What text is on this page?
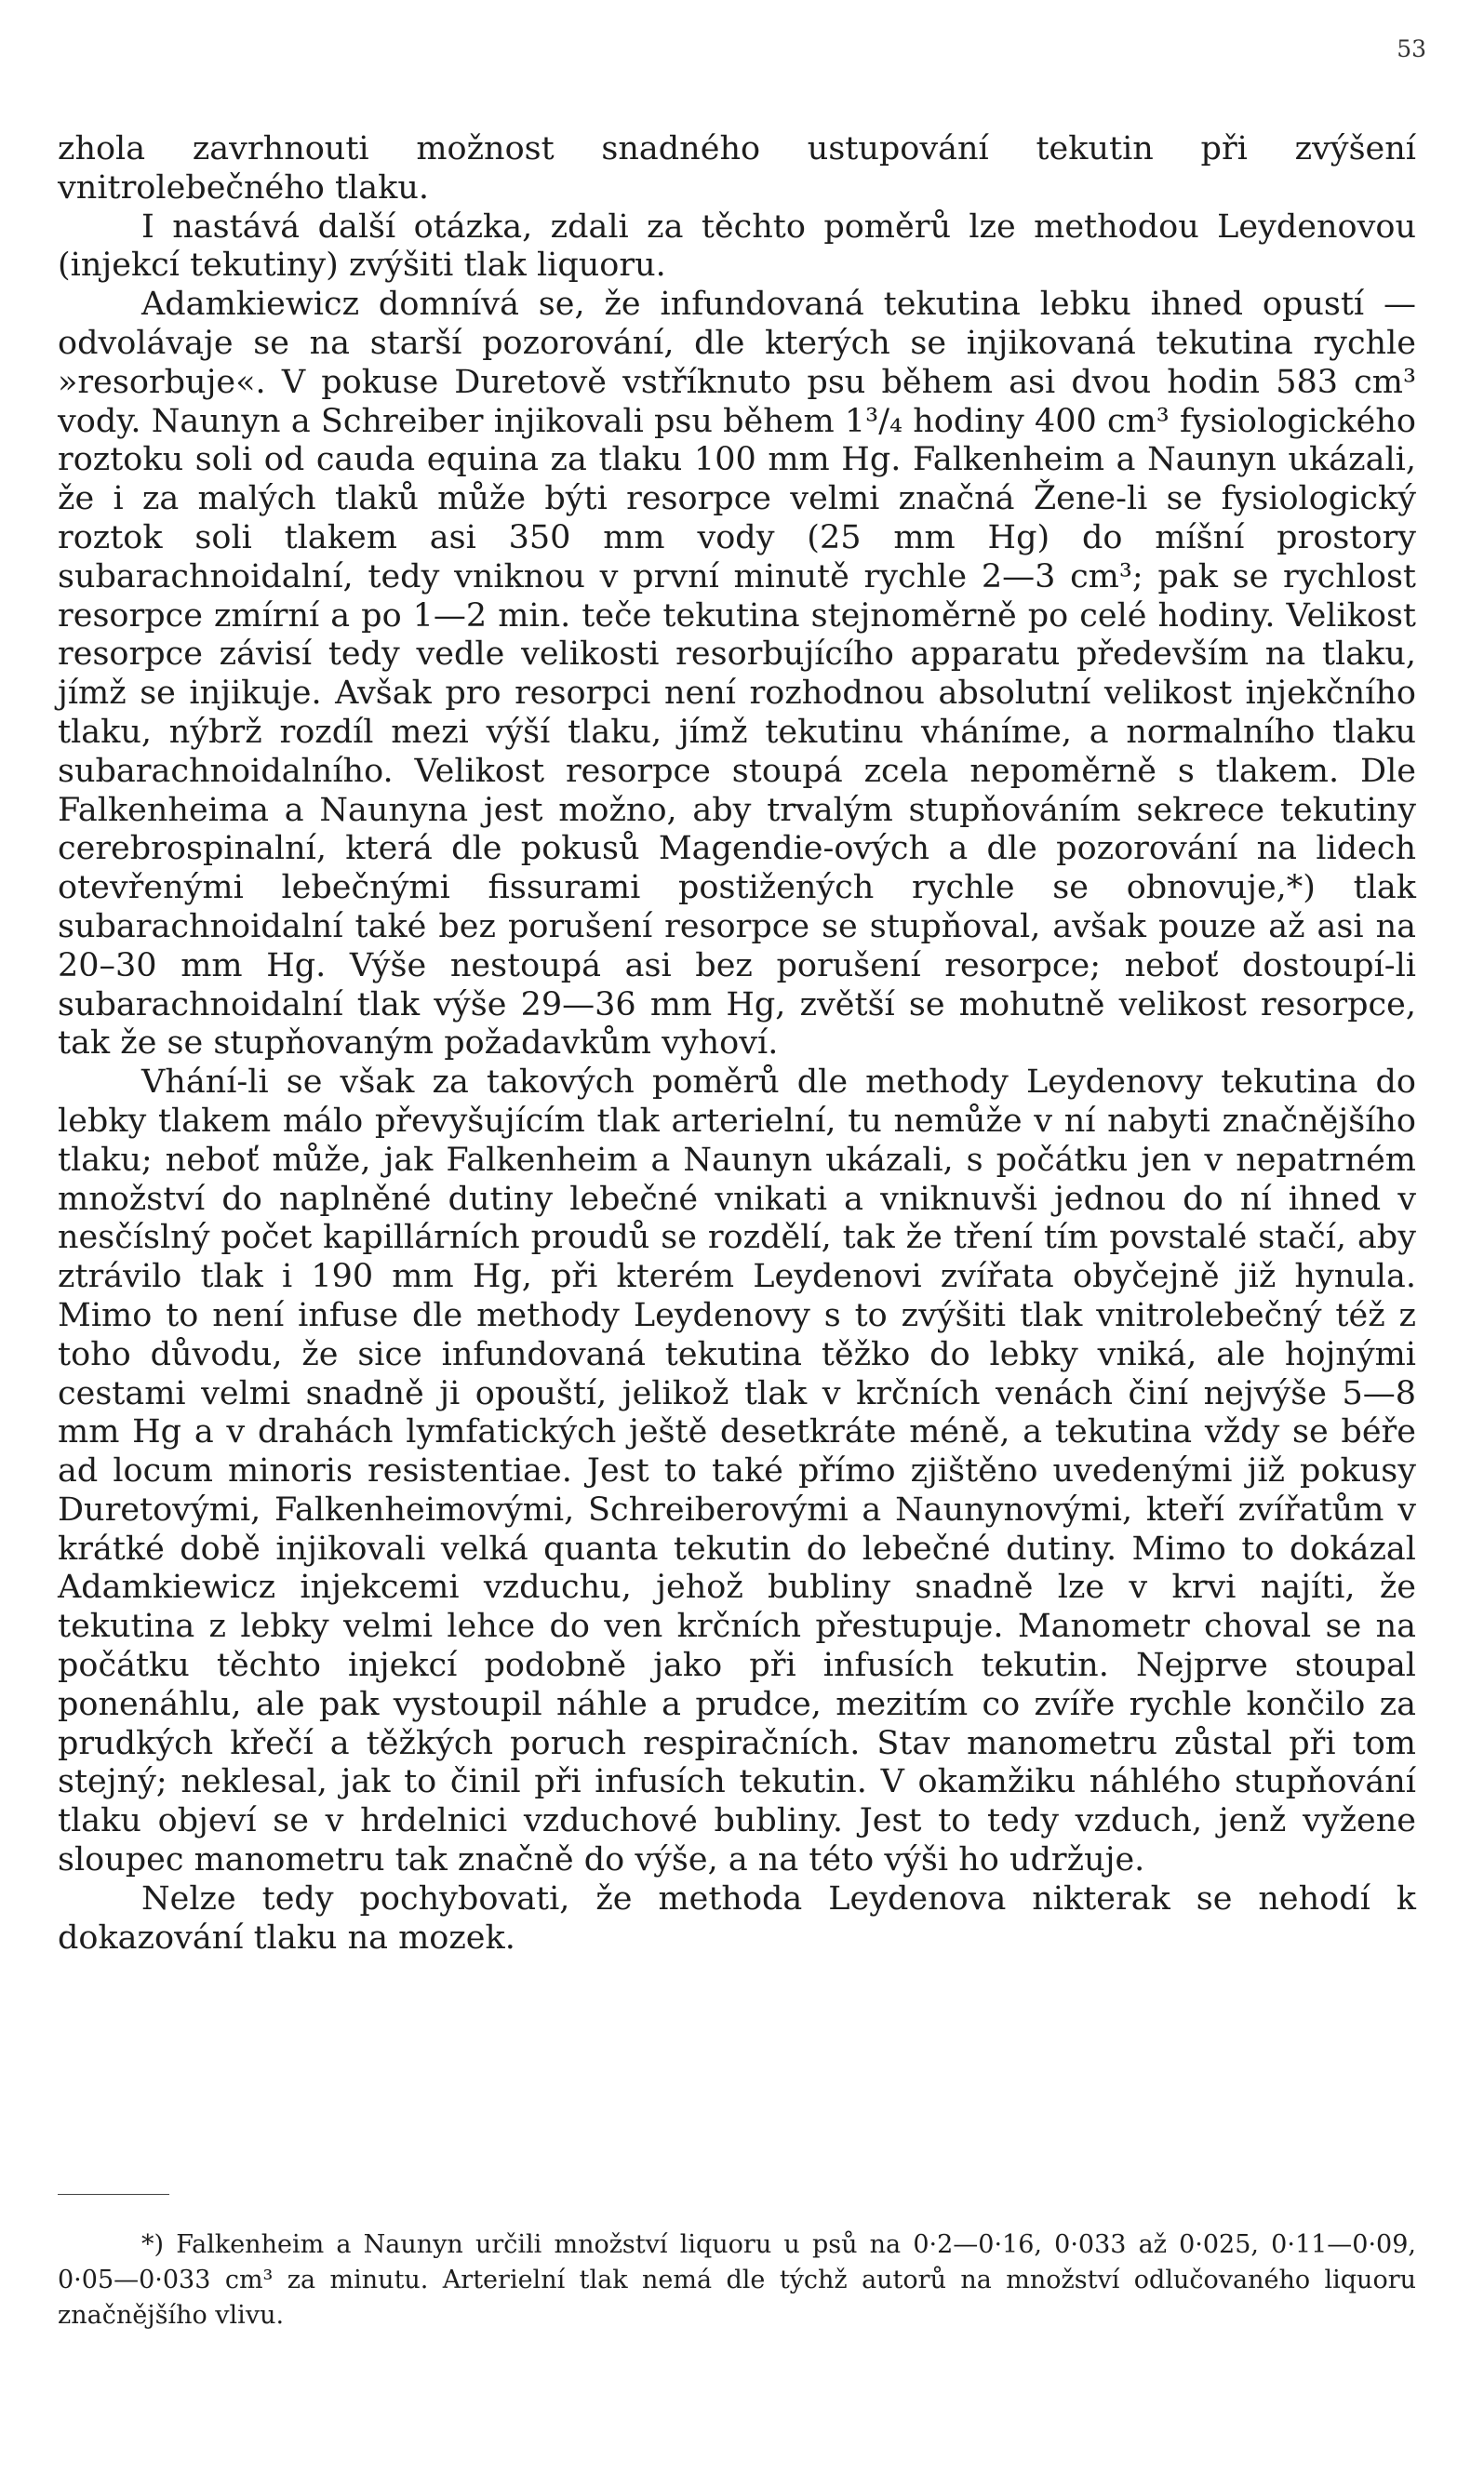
53

zhola zavrhnouti možnost snadného ustupování tekutin při zvýšení vnitrolebečného tlaku.

I nastává další otázka, zdali za těchto poměrů lze methodou Leydenovou (injekcí tekutiny) zvýšiti tlak liquoru.

Adamkiewicz domnívá se, že infundovaná tekutina lebku ihned opustí — odvolávaje se na starší pozorování, dle kterých se injikovaná tekutina rychle »resorbuje«. V pokuse Duretově vstříknuto psu během asi dvou hodin 583 cm³ vody. Naunyn a Schreiber injikovali psu během 1³/₄ hodiny 400 cm³ fysiologického roztoku soli od cauda equina za tlaku 100 mm Hg. Falkenheim a Naunyn ukázali, že i za malých tlaků může býti resorpce velmi značná Žene-li se fysiologický roztok soli tlakem asi 350 mm vody (25 mm Hg) do míšní prostory subarachnoidalní, tedy vniknou v první minutě rychle 2—3 cm³; pak se rychlost resorpce zmírní a po 1—2 min. teče tekutina stejnoměrně po celé hodiny. Velikost resorpce závisí tedy vedle velikosti resorbujícího apparatu především na tlaku, jímž se injikuje. Avšak pro resorpci není rozhodnou absolutní velikost injekčního tlaku, nýbrž rozdíl mezi výší tlaku, jímž tekutinu vháníme, a normalního tlaku subarachnoidalního. Velikost resorpce stoupá zcela nepoměrně s tlakem. Dle Falkenheima a Naunyna jest možno, aby trvalým stupňováním sekrece tekutiny cerebrospinalní, která dle pokusů Magendie-ových a dle pozorování na lidech otevřenými lebečnými fissurami postižených rychle se obnovuje,*) tlak subarachnoidalní také bez porušení resorpce se stupňoval, avšak pouze až asi na 20–30 mm Hg. Výše nestoupá asi bez porušení resorpce; neboť dostoupí-li subarachnoidalní tlak výše 29—36 mm Hg, zvětší se mohutně velikost resorpce, tak že se stupňovaným požadavkům vyhoví.

Vhání-li se však za takových poměrů dle methody Leydenovy tekutina do lebky tlakem málo převyšujícím tlak arterielní, tu nemůže v ní nabyti značnějšího tlaku; neboť může, jak Falkenheim a Naunyn ukázali, s počátku jen v nepatrném množství do naplněné dutiny lebečné vnikati a vniknuvši jednou do ní ihned v nesčíslný počet kapillárních proudů se rozdělí, tak že tření tím povstalé stačí, aby ztrávilo tlak i 190 mm Hg, při kterém Leydenovi zvířata obyčejně již hynula. Mimo to není infuse dle methody Leydenovy s to zvýšiti tlak vnitrolebečný též z toho důvodu, že sice infundovaná tekutina těžko do lebky vniká, ale hojnými cestami velmi snadně ji opouští, jelikož tlak v krčních venách činí nejvýše 5—8 mm Hg a v drahách lymfatických ještě desetkráte méně, a tekutina vždy se béře ad locum minoris resistentiae. Jest to také přímo zjištěno uvedenými již pokusy Duretovými, Falkenheimovými, Schreiberovými a Naunynovými, kteří zvířatům v krátké době injikovali velká quanta tekutin do lebečné dutiny. Mimo to dokázal Adamkiewicz injekcemi vzduchu, jehož bubliny snadně lze v krvi najíti, že tekutina z lebky velmi lehce do ven krčních přestupuje. Manometr choval se na počátku těchto injekcí podobně jako při infusích tekutin. Nejprve stoupal ponenáhlu, ale pak vystoupil náhle a prudce, mezitím co zvíře rychle končilo za prudkých křečí a těžkých poruch respiračních. Stav manometru zůstal při tom stejný; neklesal, jak to činil při infusích tekutin. V okamžiku náhlého stupňování tlaku objeví se v hrdelnici vzduchové bubliny. Jest to tedy vzduch, jenž vyžene sloupec manometru tak značně do výše, a na této výši ho udržuje.

Nelze tedy pochybovati, že methoda Leydenova nikterak se nehodí k dokazování tlaku na mozek.

*) Falkenheim a Naunyn určili množství liquoru u psů na 0·2—0·16, 0·033 až 0·025, 0·11—0·09, 0·05—0·033 cm³ za minutu. Arterielní tlak nemá dle týchž autorů na množství odlučovaného liquoru značnějšího vlivu.
